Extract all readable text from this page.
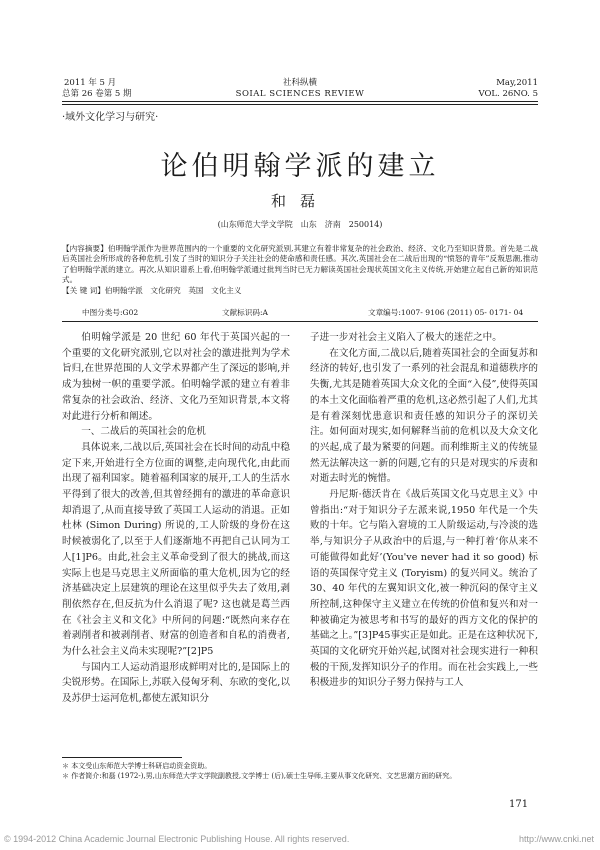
2011 年 5 月
总第 26 卷第 5 期
社科纵横
SOIAL SCIENCES REVIEW
May,2011
VOL. 26NO. 5
·域外文化学习与研究·
论伯明翰学派的建立
和磊
(山东师范大学文学院　山东　济南　250014)
【内容摘要】伯明翰学派作为世界范围内的一个重要的文化研究派别,其建立有着非常复杂的社会政治、经济、文化乃至知识背景。首先是二战后英国社会所形成的各种危机,引发了当时的知识分子关注社会的使命感和责任感。其次,英国社会在二战后出现的“愤怒的青年”反叛思潮,推动了伯明翰学派的建立。再次,从知识谱系上看,伯明翰学派通过批判当时已无力解读英国社会现状英国文化主义传统,开始建立起自己新的知识范式。
【关 键 词】伯明翰学派　文化研究　英国　文化主义
中图分类号:G02	文献标识码:A	文章编号:1007- 9106 (2011) 05- 0171- 04

伯明翰学派是 20 世纪 60 年代于英国兴起的一个重要的文化研究派别,它以对社会的激进批判为学术旨归,在世界范围的人文学术界都产生了深远的影响,并成为独树一帜的重要学派。伯明翰学派的建立有着非常复杂的社会政治、经济、文化乃至知识背景,本文将对此进行分析和阐述。

一、二战后的英国社会的危机

具体说来,二战以后,英国社会在长时间的动乱中稳定下来,开始进行全方位面的调整,走向现代化,由此而出现了福利国家。随着福利国家的展开,工人的生活水平得到了很大的改善,但其曾经拥有的激进的革命意识却消退了,从而直接导致了英国工人运动的消退。正如杜林 (Simon During) 所说的,工人阶级的身份在这时候被弱化了,以至于人们逐渐地不再把自己认同为工人[1]P6。由此,社会主义革命受到了很大的挑战,而这实际上也是马克思主义所面临的重大危机,因为它的经济基础决定上层建筑的理论在这里似乎失去了效用,剥削依然存在,但反抗为什么消退了呢? 这也就是葛兰西在《社会主义和文化》中所问的问题:“既然向来存在着剥削者和被剥削者、财富的创造者和自私的消费者,为什么社会主义尚未实现呢?”[2]P5

与国内工人运动消退形成鲜明对比的,是国际上的尖锐形势。在国际上,苏联入侵匈牙利、东欧的变化,以及苏伊士运河危机,都使左派知识分

子进一步对社会主义陷入了极大的迷茫之中。

在文化方面,二战以后,随着英国社会的全面复苏和经济的转好,也引发了一系列的社会混乱和道德秩序的失衡,尤其是随着英国大众文化的全面“入侵”,使得英国的本土文化面临着严重的危机,这必然引起了人们,尤其是有着深刻忧患意识和责任感的知识分子的深切关注。如何面对现实,如何解释当前的危机以及大众文化的兴起,成了最为紧要的问题。而利维斯主义的传统显然无法解决这一新的问题,它有的只是对现实的斥责和对逝去时光的惋惜。

丹尼斯·德沃肯在《战后英国文化马克思主义》中曾指出:“对于知识分子左派来说,1950 年代是一个失败的十年。它与陷入窘境的工人阶级运动,与冷淡的选举,与知识分子从政治中的后退,与一种打着‘你从来不可能做得如此好’(You've never had it so good) 标语的英国保守党主义 (Toryism) 的复兴同义。统治了 30、40 年代的左翼知识文化,被一种沉闷的保守主义所控制,这种保守主义建立在传统的价值和复兴和对一种被确定为被思考和书写的最好的西方文化的保护的基础之上。”[3]P45事实正是如此。正是在这种状况下,英国的文化研究开始兴起,试图对社会现实进行一种积极的干预,发挥知识分子的作用。而在社会实践上,一些积极进步的知识分子努力保持与工人

＊ 本文受山东师范大学博士科研启动资金资助。
＊ 作者简介:和磊 (1972-),男,山东师范大学文学院副教授,文学博士 (后),硕士生导师,主要从事文化研究、文艺思潮方面的研究。
171
© 1994-2012 China Academic Journal Electronic Publishing House. All rights reserved.	http://www.cnki.net
